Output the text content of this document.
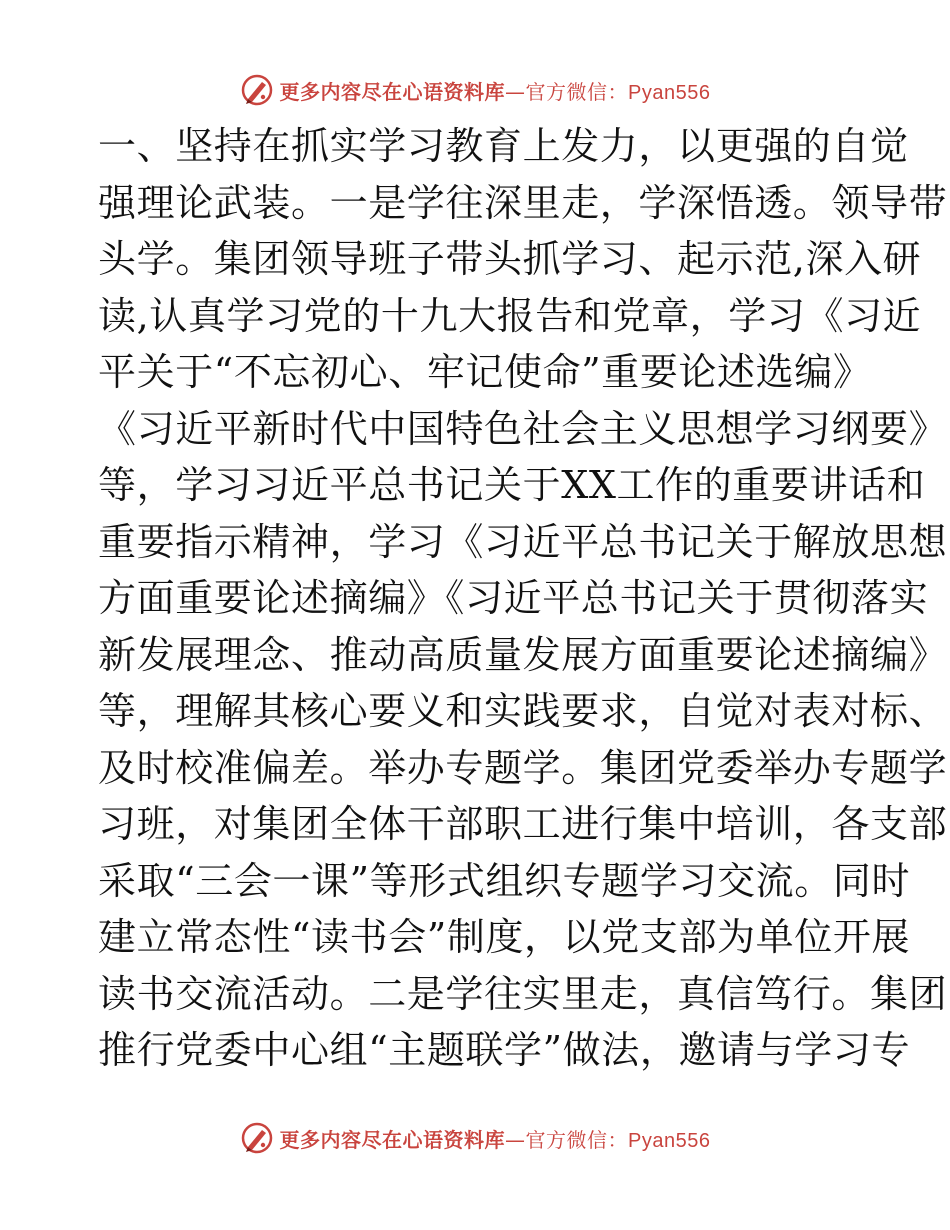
更多内容尽在心语资料库—官方微信：Pyan556
一、坚持在抓实学习教育上发力，以更强的自觉
强理论武装。一是学往深里走，学深悟透。领导带
头学。集团领导班子带头抓学习、起示范,深入研
读,认真学习党的十九大报告和党章，学习《习近
平关于“不忘初心、牢记使命”重要论述选编》
《习近平新时代中国特色社会主义思想学习纲要》
等，学习习近平总书记关于XX工作的重要讲话和
重要指示精神，学习《习近平总书记关于解放思想
方面重要论述摘编》《习近平总书记关于贯彻落实
新发展理念、推动高质量发展方面重要论述摘编》
等，理解其核心要义和实践要求，自觉对表对标、
及时校准偏差。举办专题学。集团党委举办专题学
习班，对集团全体干部职工进行集中培训，各支部
采取“三会一课”等形式组织专题学习交流。同时
建立常态性“读书会”制度，以党支部为单位开展
读书交流活动。二是学往实里走，真信笃行。集团
推行党委中心组“主题联学”做法，邀请与学习专
更多内容尽在心语资料库—官方微信：Pyan556
